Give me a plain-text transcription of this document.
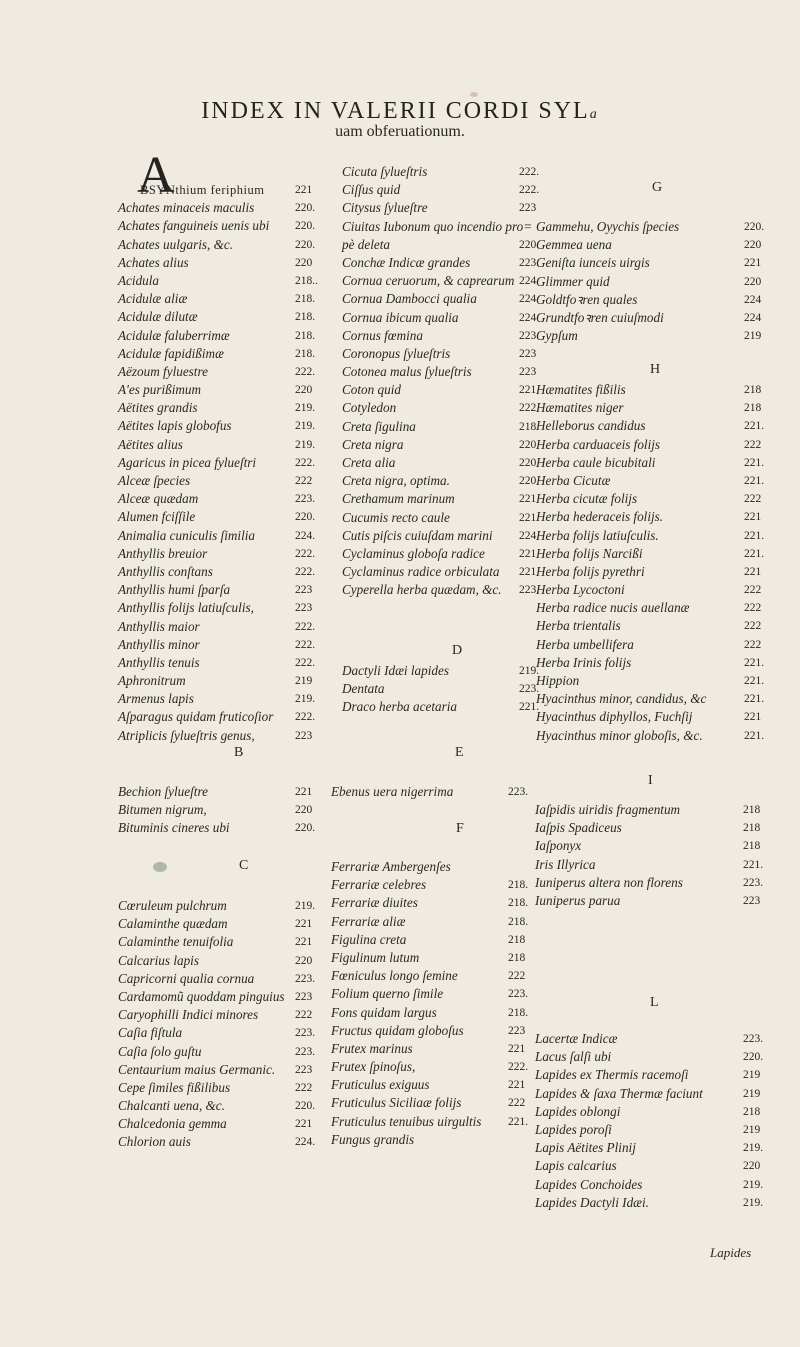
INDEX IN VALERII CORDI SYLa
uam obferuationum.
A
BSYNthium feriphium	221
Achates minaceis maculis	220.
Achates fanguineis uenis ubi 220.
Achates uulgaris, &c.	220.
Achates alius	220
Acidula	218..
Acidulæ aliæ	218.
Acidulæ dilutæ	218.
Acidulæ faluberrimæ	218.
Acidulæ fapidißimæ	218.
Aëzoum fyluestre	222.
A'es purißimum	220
Aëtites grandis	219.
Aëtites lapis globofus	219.
Aëtites alius	219.
Agaricus in picea fylueſtri	222.
Alceæ ſpecies	222
Alceæ quædam	223.
Alumen fciſſile	220.
Animalia cuniculis ſimilia	224.
Anthyllis breuior	222.
Anthyllis conſtans	222.
Anthyllis humi ſparſa	223
Anthyllis folijs latiuſculis,	223
Anthyllis maior	222.
Anthyllis minor	222.
Anthyllis tenuis	222.
Aphronitrum	219
Armenus lapis	219.
Aſparagus quidam fruticoſior 222.
Atriplicis ſylueſtris genus,	223
Cicuta ſylueſtris	222.
Ciſſus quid	222.
Citysus ſylueſtre	223
Ciuitas Iubonum quo incendio pro=
pè deleta	220.
Conchæ Indicæ grandes	223.
Cornua ceruorum, & caprearum 224
Cornua Dambocci qualia	224
Cornua ibicum qualia	224
Cornus fœmina	223
Coronopus ſylueſtris	223
Cotonea malus ſylueſtris	223
Coton quid	221
Cotyledon	222.
Creta ſigulina	218
Creta nigra	220
Creta alia	220
Creta nigra, optima.	220
Crethamum marinum	221
Cucumis recto caule	221.
Cutis piſcis cuiuſdam marini 224
Cyclaminus globoſa radice	221
Cyclaminus radice orbiculata 221
Cyperella herba quædam, &c. 223.
D
Dactyli Idæi lapides	219.
Dentata	223.
Draco herba acetaria	221.
G
Gammehu, Oyychis ſpecies	220.
Gemmea uena	220
Geniſta iunceis uirgis	221
Glimmer quid	220
Goldtfoꝛren quales	224
Grundtfoꝛren cuiuſmodi	224
Gypſum	219
H
Hæmatites fißilis	218
Hæmatites niger	218
Helleborus candidus	221.
Herba carduaceis folijs	222
Herba caule bicubitali	221.
Herba Cicutæ	221.
Herba cicutæ folijs	222
Herba hederaceis folijs.	221
Herba folijs latiuſculis.	221.
Herba folijs Narcißi	221.
Herba folijs pyrethri	221
Herba Lycoctoni	222
Herba radice nucis auellanæ	222
Herba trientalis	222
Herba umbellifera	222
Herba Irinis folijs	221.
Hippion	221.
Hyacinthus minor, candidus, &c	221.
Hyacinthus diphyllos, Fuchſij	221
Hyacinthus minor globoſis, &c.	221.
B
Bechion ſylueſtre	221
Bitumen nigrum,	220
Bituminis cineres ubi	220.
C
Cœruleum pulchrum	219.
Calaminthe quædam	221
Calaminthe tenuifolia	221
Calcarius lapis	220
Capricorni qualia cornua	223.
Cardamomũ quoddam pinguius 223
Caryophilli Indici minores	222
Caſia fiſtula	223.
Caſia ſolo guſtu	223.
Centaurium maius Germanic. 223
Cepe ſimiles fißilibus	222
Chalcanti uena, &c.	220.
Chalcedonia gemma	221
Chlorion auis	224.
E
Ebenus uera nigerrima	223.
F
Ferrariæ Ambergenſes
Ferrariæ celebres	218.
Ferrariæ diuites	218.
Ferrariæ aliæ	218.
Figulina creta	218
Figulinum lutum	218
Fœniculus longo ſemine	222
Folium querno ſimile	223.
Fons quidam largus	218.
Fructus quidam globoſus	223
Frutex marinus	221
Frutex ſpinoſus,	222.
Fruticulus exiguus	221
Fruticulus Siciliaæ folijs	222
Fruticulus tenuibus uirgultis 221.
Fungus grandis
I
Iaſpidis uiridis fragmentum	218
Iaſpis Spadiceus	218
Iaſponyx	218
Iris Illyrica	221.
Iuniperus altera non florens	223.
Iuniperus parua	223
L
Lacertæ Indicæ	223.
Lacus ſalſi ubi	220.
Lapides ex Thermis racemoſi	219
Lapides & ſaxa Thermæ faciunt	219
Lapides oblongi	218
Lapides poroſi	219
Lapis Aëtites Plinij	219.
Lapis calcarius	220
Lapides Conchoides	219.
Lapides Dactyli Idæi.	219.
Lapides
